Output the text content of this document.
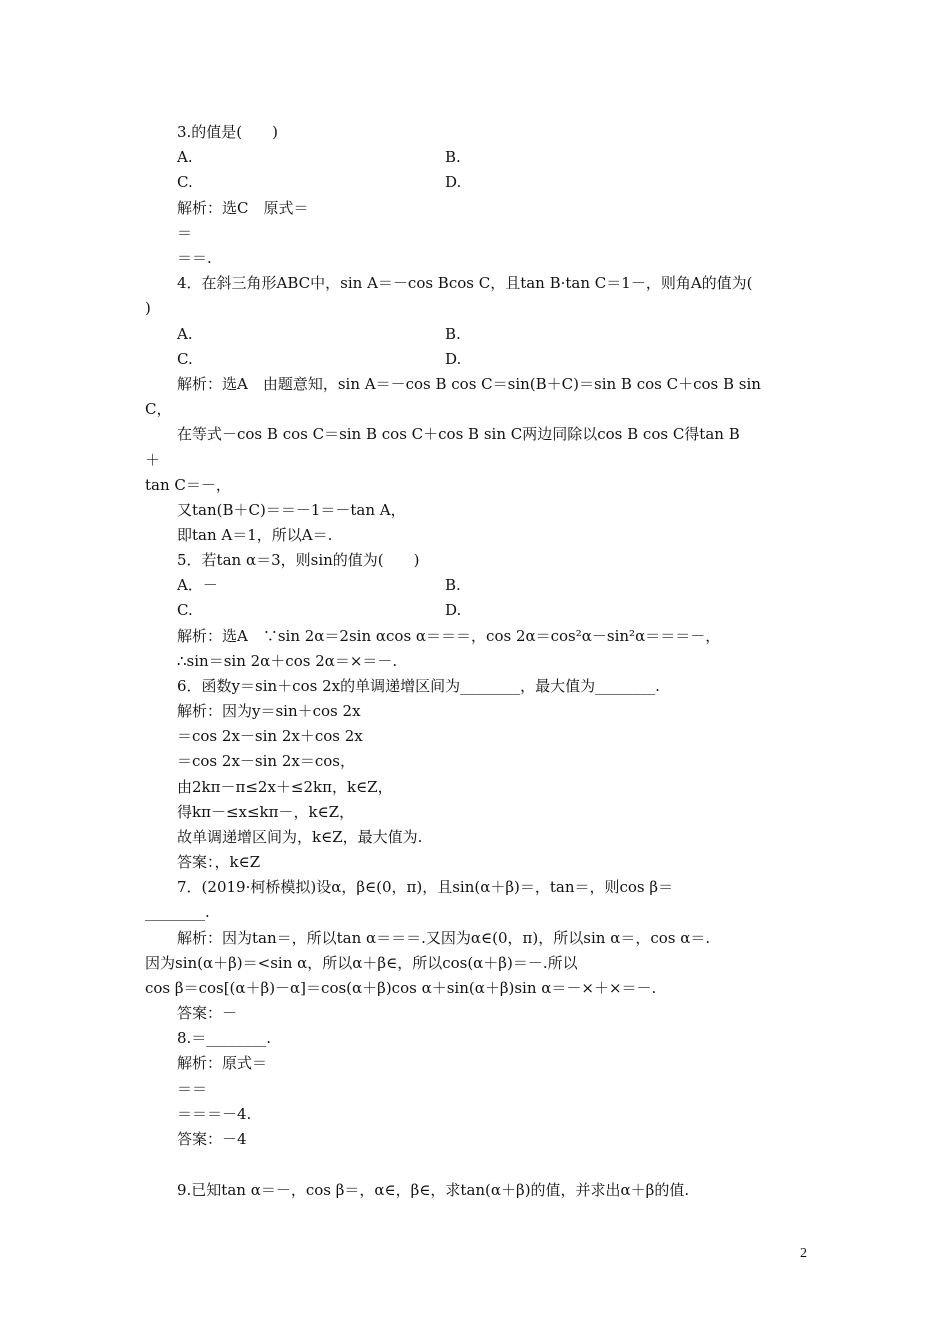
2
3.的值是(　　)
A.	B.
C.	D.
解析：选C　原式＝
＝
＝＝.
4．在斜三角形ABC中，sin A＝－cos Bcos C，且tan B·tan C＝1－，则角A的值为(
)
A.	B.
C.	D.
解析：选A　由题意知，sin A＝－cos B cos C＝sin(B＋C)＝sin B cos C＋cos B sin
C，
在等式－cos B cos C＝sin B cos C＋cos B sin C两边同除以cos B cos C得tan B
＋
tan C＝－，
又tan(B＋C)＝＝－1＝－tan A，
即tan A＝1，所以A＝.
5．若tan α＝3，则sin的值为(　　)
A．－	B.
C.	D.
解析：选A　∵sin 2α＝2sin αcos α＝＝＝，cos 2α＝cos²α－sin²α＝＝＝－，
∴sin＝sin 2α＋cos 2α＝×＝－.
6．函数y＝sin＋cos 2x的单调递增区间为________，最大值为________.
解析：因为y＝sin＋cos 2x
＝cos 2x－sin 2x＋cos 2x
＝cos 2x－sin 2x＝cos，
由2kπ－π≤2x＋≤2kπ，k∈Z，
得kπ－≤x≤kπ－，k∈Z，
故单调递增区间为，k∈Z，最大值为.
答案：，k∈Z
7．(2019·柯桥模拟)设α，β∈(0，π)，且sin(α＋β)＝，tan＝，则cos β＝
________.
解析：因为tan＝，所以tan α＝＝＝.又因为α∈(0，π)，所以sin α＝，cos α＝.
因为sin(α＋β)＝<sin α，所以α＋β∈，所以cos(α＋β)＝－.所以
cos β＝cos[(α＋β)－α]＝cos(α＋β)cos α＋sin(α＋β)sin α＝－×＋×＝－.
答案：－
8.＝________.
解析：原式＝
＝＝
＝＝＝－4.
答案：－4
9.已知tan α＝－，cos β＝，α∈，β∈，求tan(α＋β)的值，并求出α＋β的值.
